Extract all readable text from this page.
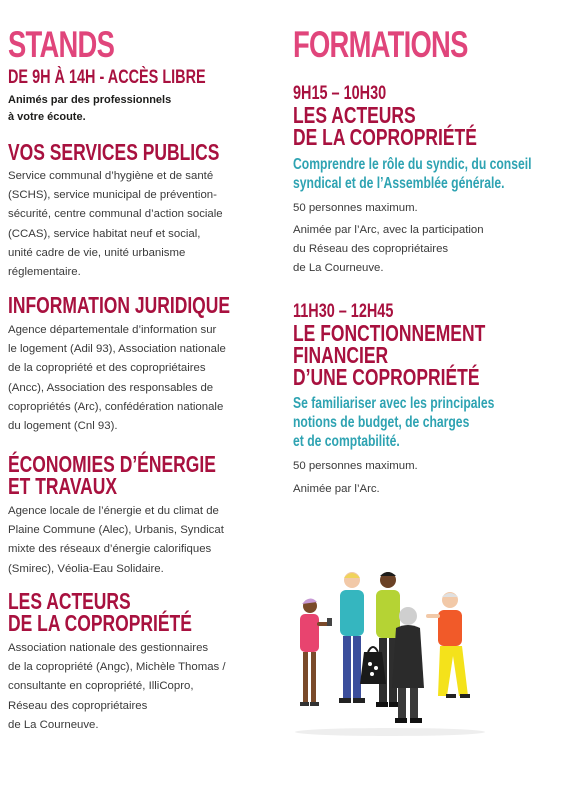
STANDS
DE 9H À 14H - ACCÈS LIBRE
Animés par des professionnels
à votre écoute.
VOS SERVICES PUBLICS
Service communal d’hygiène et de santé
(SCHS), service municipal de prévention-
sécurité, centre communal d’action sociale
(CCAS), service habitat neuf et social,
unité cadre de vie, unité urbanisme
réglementaire.
INFORMATION JURIDIQUE
Agence départementale d’information sur
le logement (Adil 93), Association nationale
de la copropriété et des copropriétaires
(Ancc), Association des responsables de
copropriétés (Arc), confédération nationale
du logement (Cnl 93).
ÉCONOMIES D’ÉNERGIE
ET TRAVAUX
Agence locale de l’énergie et du climat de
Plaine Commune (Alec), Urbanis, Syndicat
mixte des réseaux d’énergie calorifiques
(Smirec), Véolia-Eau Solidaire.
LES ACTEURS
DE LA COPROPRIÉTÉ
Association nationale des gestionnaires
de la copropriété (Angc), Michèle Thomas /
consultante en copropriété, IlliCopro,
Réseau des copropriétaires
de La Courneuve.
FORMATIONS
9H15 – 10H30
LES ACTEURS
DE LA COPROPRIÉTÉ
Comprendre le rôle du syndic, du conseil
syndical et de l’Assemblée générale.
50 personnes maximum.
Animée par l’Arc, avec la participation
du Réseau des copropriétaires
de La Courneuve.
11H30 – 12H45
LE FONCTIONNEMENT
FINANCIER
D’UNE COPROPRIÉTÉ
Se familiariser avec les principales
notions de budget, de charges
et de comptabilité.
50 personnes maximum.
Animée par l’Arc.
